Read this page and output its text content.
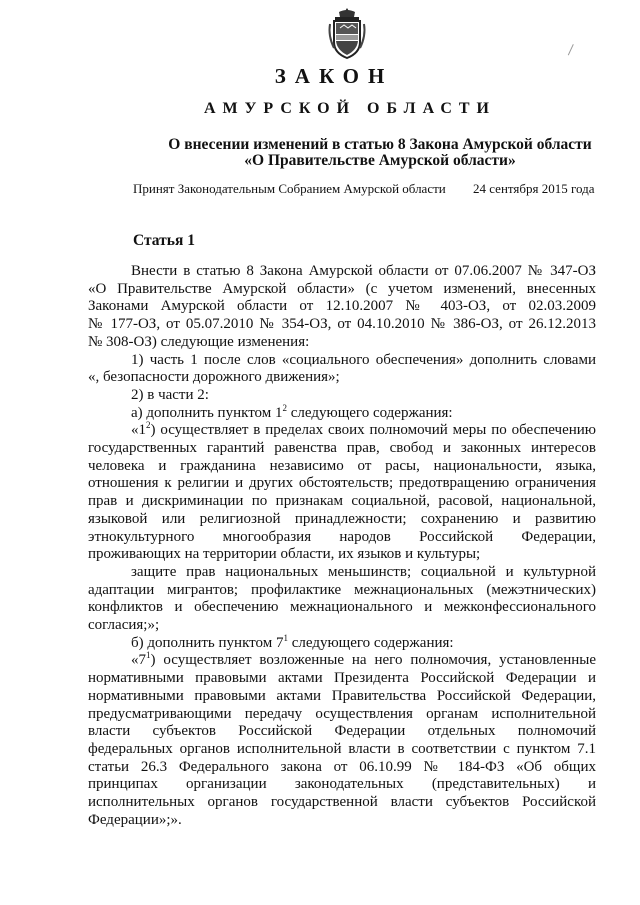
ЗАКОН
АМУРСКОЙ ОБЛАСТИ
О внесении изменений в статью 8 Закона Амурской области
«О Правительстве Амурской области»
Принят Законодательным Собранием Амурской области 24 сентября 2015 года
Статья 1
Внести в статью 8 Закона Амурской области от 07.06.2007 № 347-ОЗ
«О Правительстве Амурской области» (с учетом изменений, внесенных
Законами Амурской области от 12.10.2007 № 403-ОЗ, от 02.03.2009
№ 177-ОЗ, от 05.07.2010 № 354-ОЗ, от 04.10.2010 № 386-ОЗ, от 26.12.2013
№ 308-ОЗ) следующие изменения:
1) часть 1 после слов «социального обеспечения» дополнить словами
«, безопасности дорожного движения»;
2) в части 2:
а) дополнить пунктом $1^2$ следующего содержания:
«$1^2$) осуществляет в пределах своих полномочий меры по обеспечению
государственных гарантий равенства прав, свобод и законных интересов
человека и гражданина независимо от расы, национальности, языка,
отношения к религии и других обстоятельств; предотвращению ограничения
прав и дискриминации по признакам социальной, расовой, национальной,
языковой или религиозной принадлежности; сохранению и развитию
этнокультурного многообразия народов Российской Федерации,
проживающих на территории области, их языков и культуры;
защите прав национальных меньшинств; социальной и культурной
адаптации мигрантов; профилактике межнациональных (межэтнических)
конфликтов и обеспечению межнационального и межконфессионального
согласия;»;
б) дополнить пунктом $7^1$ следующего содержания:
«$7^1$) осуществляет возложенные на него полномочия, установленные
нормативными правовыми актами Президента Российской Федерации и
нормативными правовыми актами Правительства Российской Федерации,
предусматривающими передачу осуществления органам исполнительной
власти субъектов Российской Федерации отдельных полномочий
федеральных органов исполнительной власти в соответствии с пунктом 7.1
статьи 26.3 Федерального закона от 06.10.99 № 184-ФЗ «Об общих
принципах организации законодательных (представительных) и
исполнительных органов государственной власти субъектов Российской
Федерации»;».
